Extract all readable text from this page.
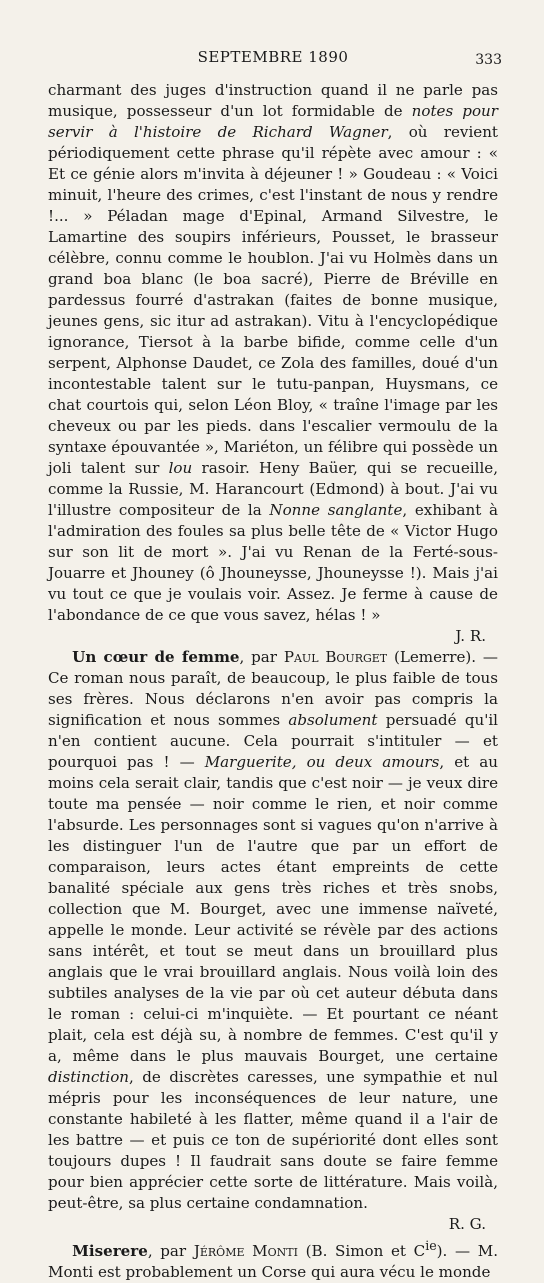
SEPTEMBRE 1890	333

charmant des juges d'instruction quand il ne parle pas musique, possesseur d'un lot formidable de notes pour servir à l'histoire de Richard Wagner, où revient périodiquement cette phrase qu'il répète avec amour : « Et ce génie alors m'invita à déjeuner ! » Goudeau : « Voici minuit, l'heure des crimes, c'est l'instant de nous y rendre !... » Péladan mage d'Epinal, Armand Silvestre, le Lamartine des soupirs inférieurs, Pousset, le brasseur célèbre, connu comme le houblon. J'ai vu Holmès dans un grand boa blanc (le boa sacré), Pierre de Bréville en pardessus fourré d'astrakan (faites de bonne musique, jeunes gens, sic itur ad astrakan). Vitu à l'encyclopédique ignorance, Tiersot à la barbe bifide, comme celle d'un serpent, Alphonse Daudet, ce Zola des familles, doué d'un incontestable talent sur le tutu-panpan, Huysmans, ce chat courtois qui, selon Léon Bloy, « traîne l'image par les cheveux ou par les pieds. dans l'escalier vermoulu de la syntaxe épouvantée », Mariéton, un félibre qui possède un joli talent sur lou rasoir. Heny Baüer, qui se recueille, comme la Russie, M. Harancourt (Edmond) à bout. J'ai vu l'illustre compositeur de la Nonne sanglante, exhibant à l'admiration des foules sa plus belle tête de « Victor Hugo sur son lit de mort ». J'ai vu Renan de la Ferté-sous-Jouarre et Jhouney (ô Jhouneysse, Jhouneysse !). Mais j'ai vu tout ce que je voulais voir. Assez. Je ferme à cause de l'abondance de ce que vous savez, hélas ! »

J. R.

Un cœur de femme, par Paul Bourget (Lemerre). — Ce roman nous paraît, de beaucoup, le plus faible de tous ses frères. Nous déclarons n'en avoir pas compris la signification et nous sommes absolument persuadé qu'il n'en contient aucune. Cela pourrait s'intituler — et pourquoi pas ! — Marguerite, ou deux amours, et au moins cela serait clair, tandis que c'est noir — je veux dire toute ma pensée — noir comme le rien, et noir comme l'absurde. Les personnages sont si vagues qu'on n'arrive à les distinguer l'un de l'autre que par un effort de comparaison, leurs actes étant empreints de cette banalité spéciale aux gens très riches et très snobs, collection que M. Bourget, avec une immense naïveté, appelle le monde. Leur activité se révèle par des actions sans intérêt, et tout se meut dans un brouillard plus anglais que le vrai brouillard anglais. Nous voilà loin des subtiles analyses de la vie par où cet auteur débuta dans le roman : celui-ci m'inquiète. — Et pourtant ce néant plait, cela est déjà su, à nombre de femmes. C'est qu'il y a, même dans le plus mauvais Bourget, une certaine distinction, de discrètes caresses, une sympathie et nul mépris pour les inconséquences de leur nature, une constante habileté à les flatter, même quand il a l'air de les battre — et puis ce ton de supériorité dont elles sont toujours dupes ! Il faudrait sans doute se faire femme pour bien apprécier cette sorte de littérature. Mais voilà, peut-être, sa plus certaine condamnation.

R. G.

Miserere, par Jérôme Monti (B. Simon et $C^{ie}$). — M. Monti est probablement un Corse qui aura vécu le monde
